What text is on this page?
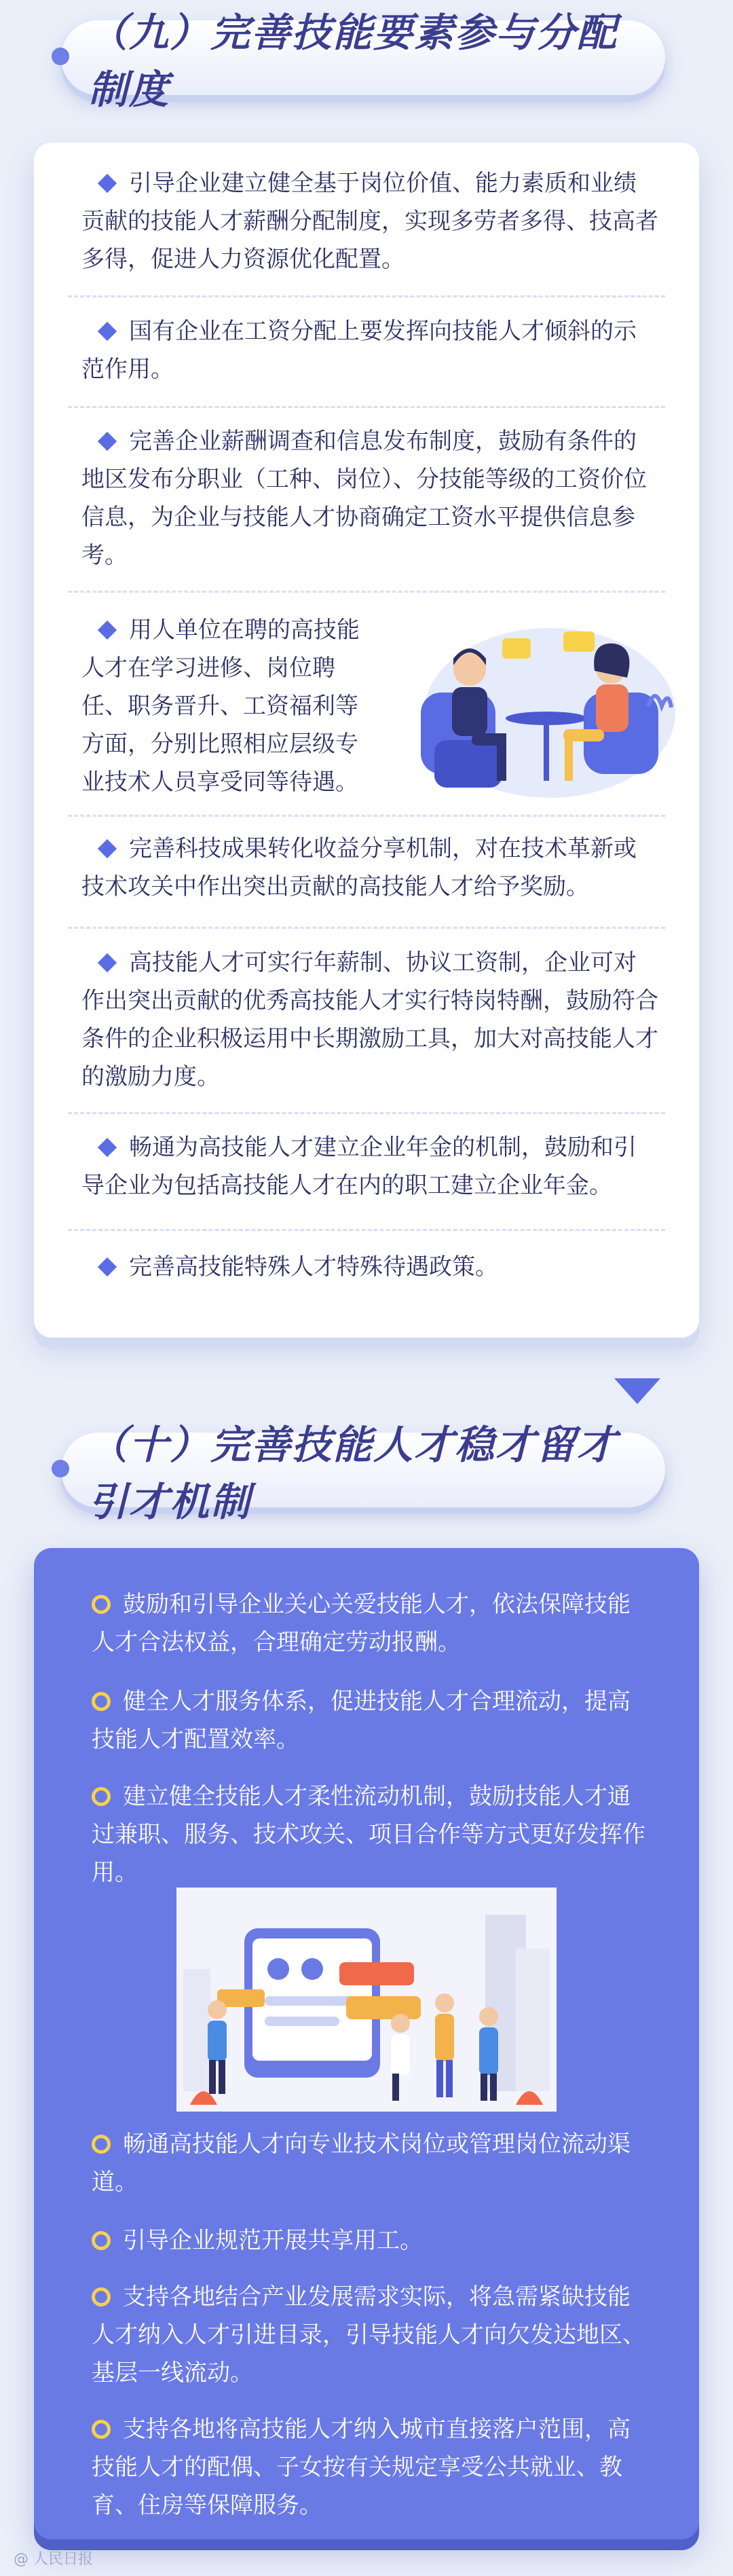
（九）完善技能要素参与分配制度
引导企业建立健全基于岗位价值、能力素质和业绩贡献的技能人才薪酬分配制度，实现多劳者多得、技高者多得，促进人力资源优化配置。
国有企业在工资分配上要发挥向技能人才倾斜的示范作用。
完善企业薪酬调查和信息发布制度，鼓励有条件的地区发布分职业（工种、岗位）、分技能等级的工资价位信息，为企业与技能人才协商确定工资水平提供信息参考。
用人单位在聘的高技能人才在学习进修、岗位聘任、职务晋升、工资福利等方面，分别比照相应层级专业技术人员享受同等待遇。
完善科技成果转化收益分享机制，对在技术革新或技术攻关中作出突出贡献的高技能人才给予奖励。
高技能人才可实行年薪制、协议工资制，企业可对作出突出贡献的优秀高技能人才实行特岗特酬，鼓励符合条件的企业积极运用中长期激励工具，加大对高技能人才的激励力度。
畅通为高技能人才建立企业年金的机制，鼓励和引导企业为包括高技能人才在内的职工建立企业年金。
完善高技能特殊人才特殊待遇政策。
（十）完善技能人才稳才留才引才机制
鼓励和引导企业关心关爱技能人才，依法保障技能人才合法权益，合理确定劳动报酬。
健全人才服务体系，促进技能人才合理流动，提高技能人才配置效率。
建立健全技能人才柔性流动机制，鼓励技能人才通过兼职、服务、技术攻关、项目合作等方式更好发挥作用。
畅通高技能人才向专业技术岗位或管理岗位流动渠道。
引导企业规范开展共享用工。
支持各地结合产业发展需求实际，将急需紧缺技能人才纳入人才引进目录，引导技能人才向欠发达地区、基层一线流动。
支持各地将高技能人才纳入城市直接落户范围，高技能人才的配偶、子女按有关规定享受公共就业、教育、住房等保障服务。
@ 人民日报
